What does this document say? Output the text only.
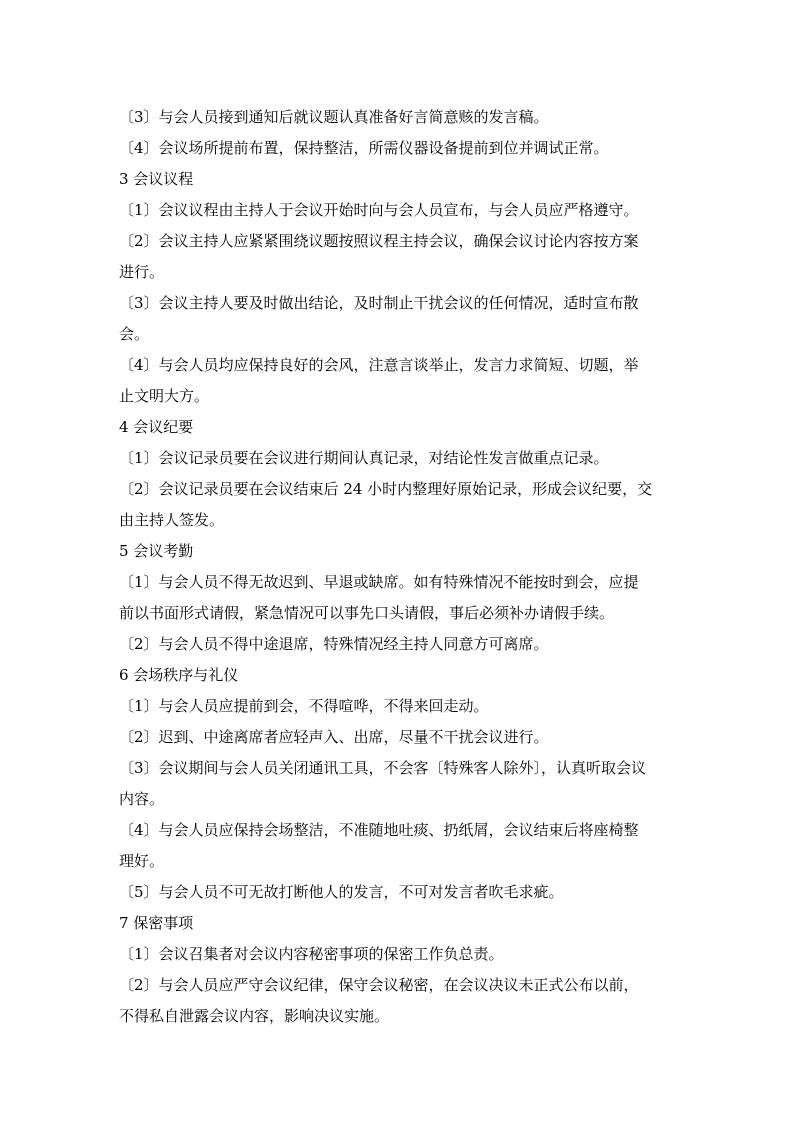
〔3〕与会人员接到通知后就议题认真准备好言简意赅的发言稿。
〔4〕会议场所提前布置，保持整洁，所需仪器设备提前到位并调试正常。
3 会议议程
〔1〕会议议程由主持人于会议开始时向与会人员宣布，与会人员应严格遵守。
〔2〕会议主持人应紧紧围绕议题按照议程主持会议，确保会议讨论内容按方案
进行。
〔3〕会议主持人要及时做出结论，及时制止干扰会议的任何情况，适时宣布散
会。
〔4〕与会人员均应保持良好的会风，注意言谈举止，发言力求简短、切题，举
止文明大方。
4 会议纪要
〔1〕会议记录员要在会议进行期间认真记录，对结论性发言做重点记录。
〔2〕会议记录员要在会议结束后 24 小时内整理好原始记录，形成会议纪要，交
由主持人签发。
5 会议考勤
〔1〕与会人员不得无故迟到、早退或缺席。如有特殊情况不能按时到会，应提
前以书面形式请假，紧急情况可以事先口头请假，事后必须补办请假手续。
〔2〕与会人员不得中途退席，特殊情况经主持人同意方可离席。
6 会场秩序与礼仪
〔1〕与会人员应提前到会，不得喧哗，不得来回走动。
〔2〕迟到、中途离席者应轻声入、出席，尽量不干扰会议进行。
〔3〕会议期间与会人员关闭通讯工具，不会客〔特殊客人除外〕，认真听取会议
内容。
〔4〕与会人员应保持会场整洁，不准随地吐痰、扔纸屑，会议结束后将座椅整
理好。
〔5〕与会人员不可无故打断他人的发言，不可对发言者吹毛求疵。
7 保密事项
〔1〕会议召集者对会议内容秘密事项的保密工作负总责。
〔2〕与会人员应严守会议纪律，保守会议秘密，在会议决议未正式公布以前，
不得私自泄露会议内容，影响决议实施。
